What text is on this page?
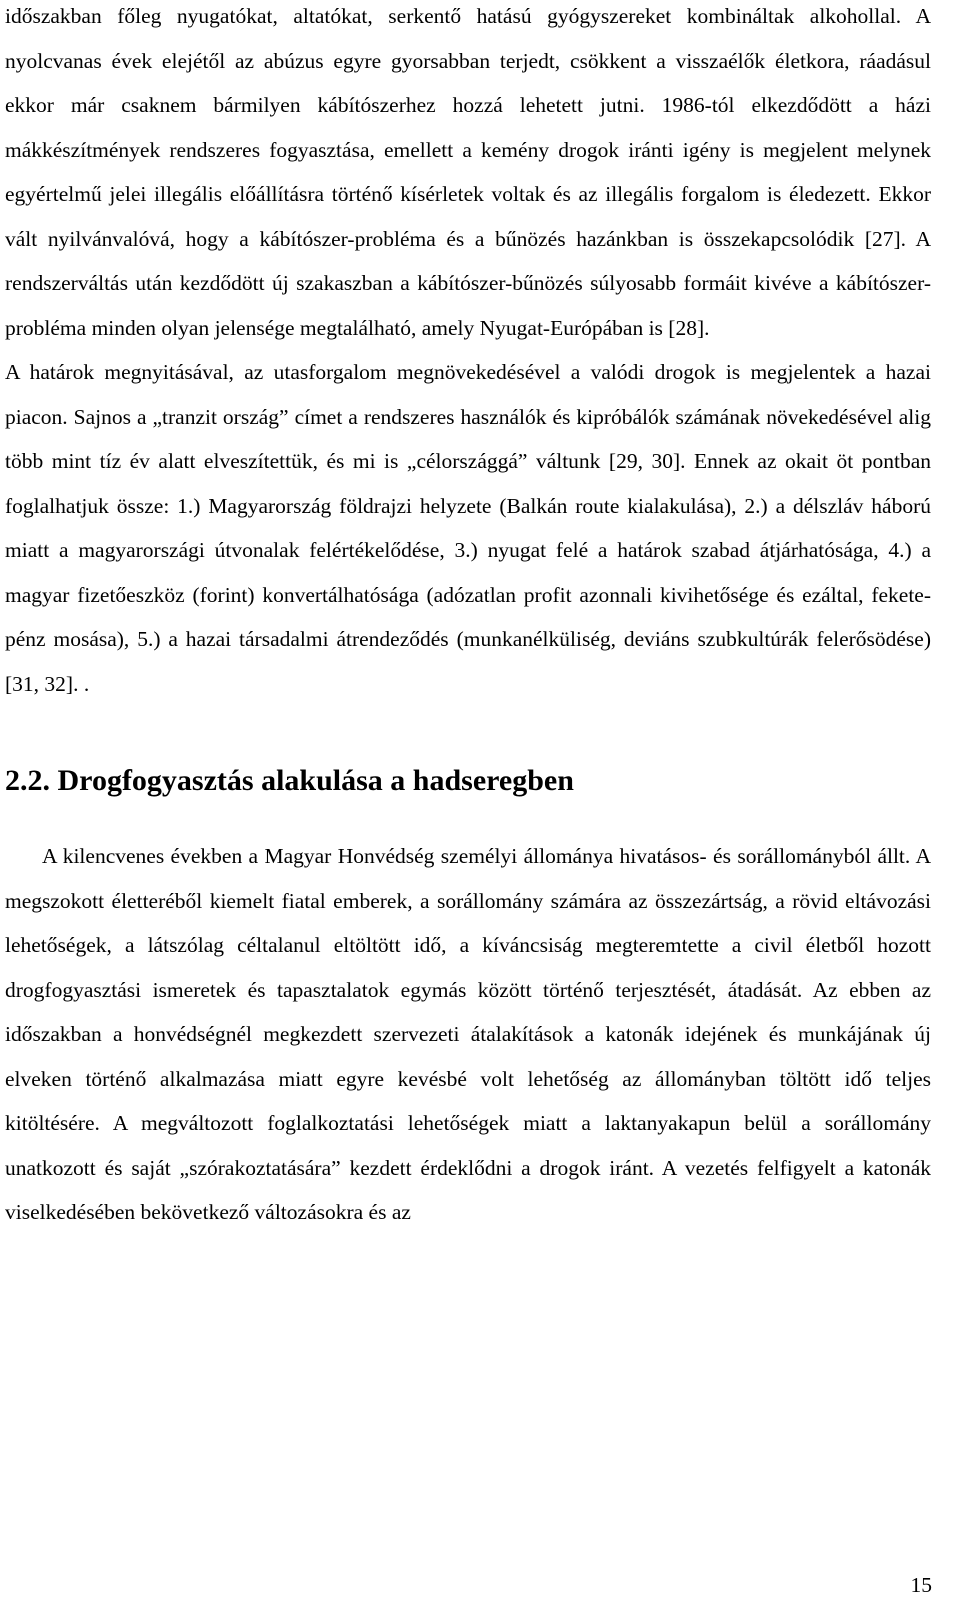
időszakban főleg nyugatókat, altatókat, serkentő hatású gyógyszereket kombináltak alkohollal. A nyolcvanas évek elejétől az abúzus egyre gyorsabban terjedt, csökkent a visszaélők életkora, ráadásul ekkor már csaknem bármilyen kábítószerhez hozzá lehetett jutni. 1986-tól elkezdődött a házi mákkészítmények rendszeres fogyasztása, emellett a kemény drogok iránti igény is megjelent melynek egyértelmű jelei illegális előállításra történő kísérletek voltak és az illegális forgalom is éledezett. Ekkor vált nyilvánvalóvá, hogy a kábítószer-probléma és a bűnözés hazánkban is összekapcsolódik [27]. A rendszerváltás után kezdődött új szakaszban a kábítószer-bűnözés súlyosabb formáit kivéve a kábítószer-probléma minden olyan jelensége megtalálható, amely Nyugat-Európában is [28].

A határok megnyitásával, az utasforgalom megnövekedésével a valódi drogok is megjelentek a hazai piacon. Sajnos a „tranzit ország” címet a rendszeres használók és kipróbálók számának növekedésével alig több mint tíz év alatt elveszítettük, és mi is „célországgá” váltunk [29, 30]. Ennek az okait öt pontban foglalhatjuk össze: 1.) Magyarország földrajzi helyzete (Balkán route kialakulása), 2.) a délszláv háború miatt a magyarországi útvonalak felértékelődése, 3.) nyugat felé a határok szabad átjárhatósága, 4.) a magyar fizetőeszköz (forint) konvertálhatósága (adózatlan profit azonnali kivihetősége és ezáltal, fekete-pénz mosása), 5.) a hazai társadalmi átrendeződés (munkanélküliség, deviáns szubkultúrák felerősödése) [31, 32]. .

2.2. Drogfogyasztás alakulása a hadseregben

A kilencvenes években a Magyar Honvédség személyi állománya hivatásos- és sorállományból állt. A megszokott életteréből kiemelt fiatal emberek, a sorállomány számára az összezártság, a rövid eltávozási lehetőségek, a látszólag céltalanul eltöltött idő, a kíváncsiság megteremtette a civil életből hozott drogfogyasztási ismeretek és tapasztalatok egymás között történő terjesztését, átadását. Az ebben az időszakban a honvédségnél megkezdett szervezeti átalakítások a katonák idejének és munkájának új elveken történő alkalmazása miatt egyre kevésbé volt lehetőség az állományban töltött idő teljes kitöltésére. A megváltozott foglalkoztatási lehetőségek miatt a laktanyakapun belül a sorállomány unatkozott és saját „szórakoztatására” kezdett érdeklődni a drogok iránt. A vezetés felfigyelt a katonák viselkedésében bekövetkező változásokra és az

15
